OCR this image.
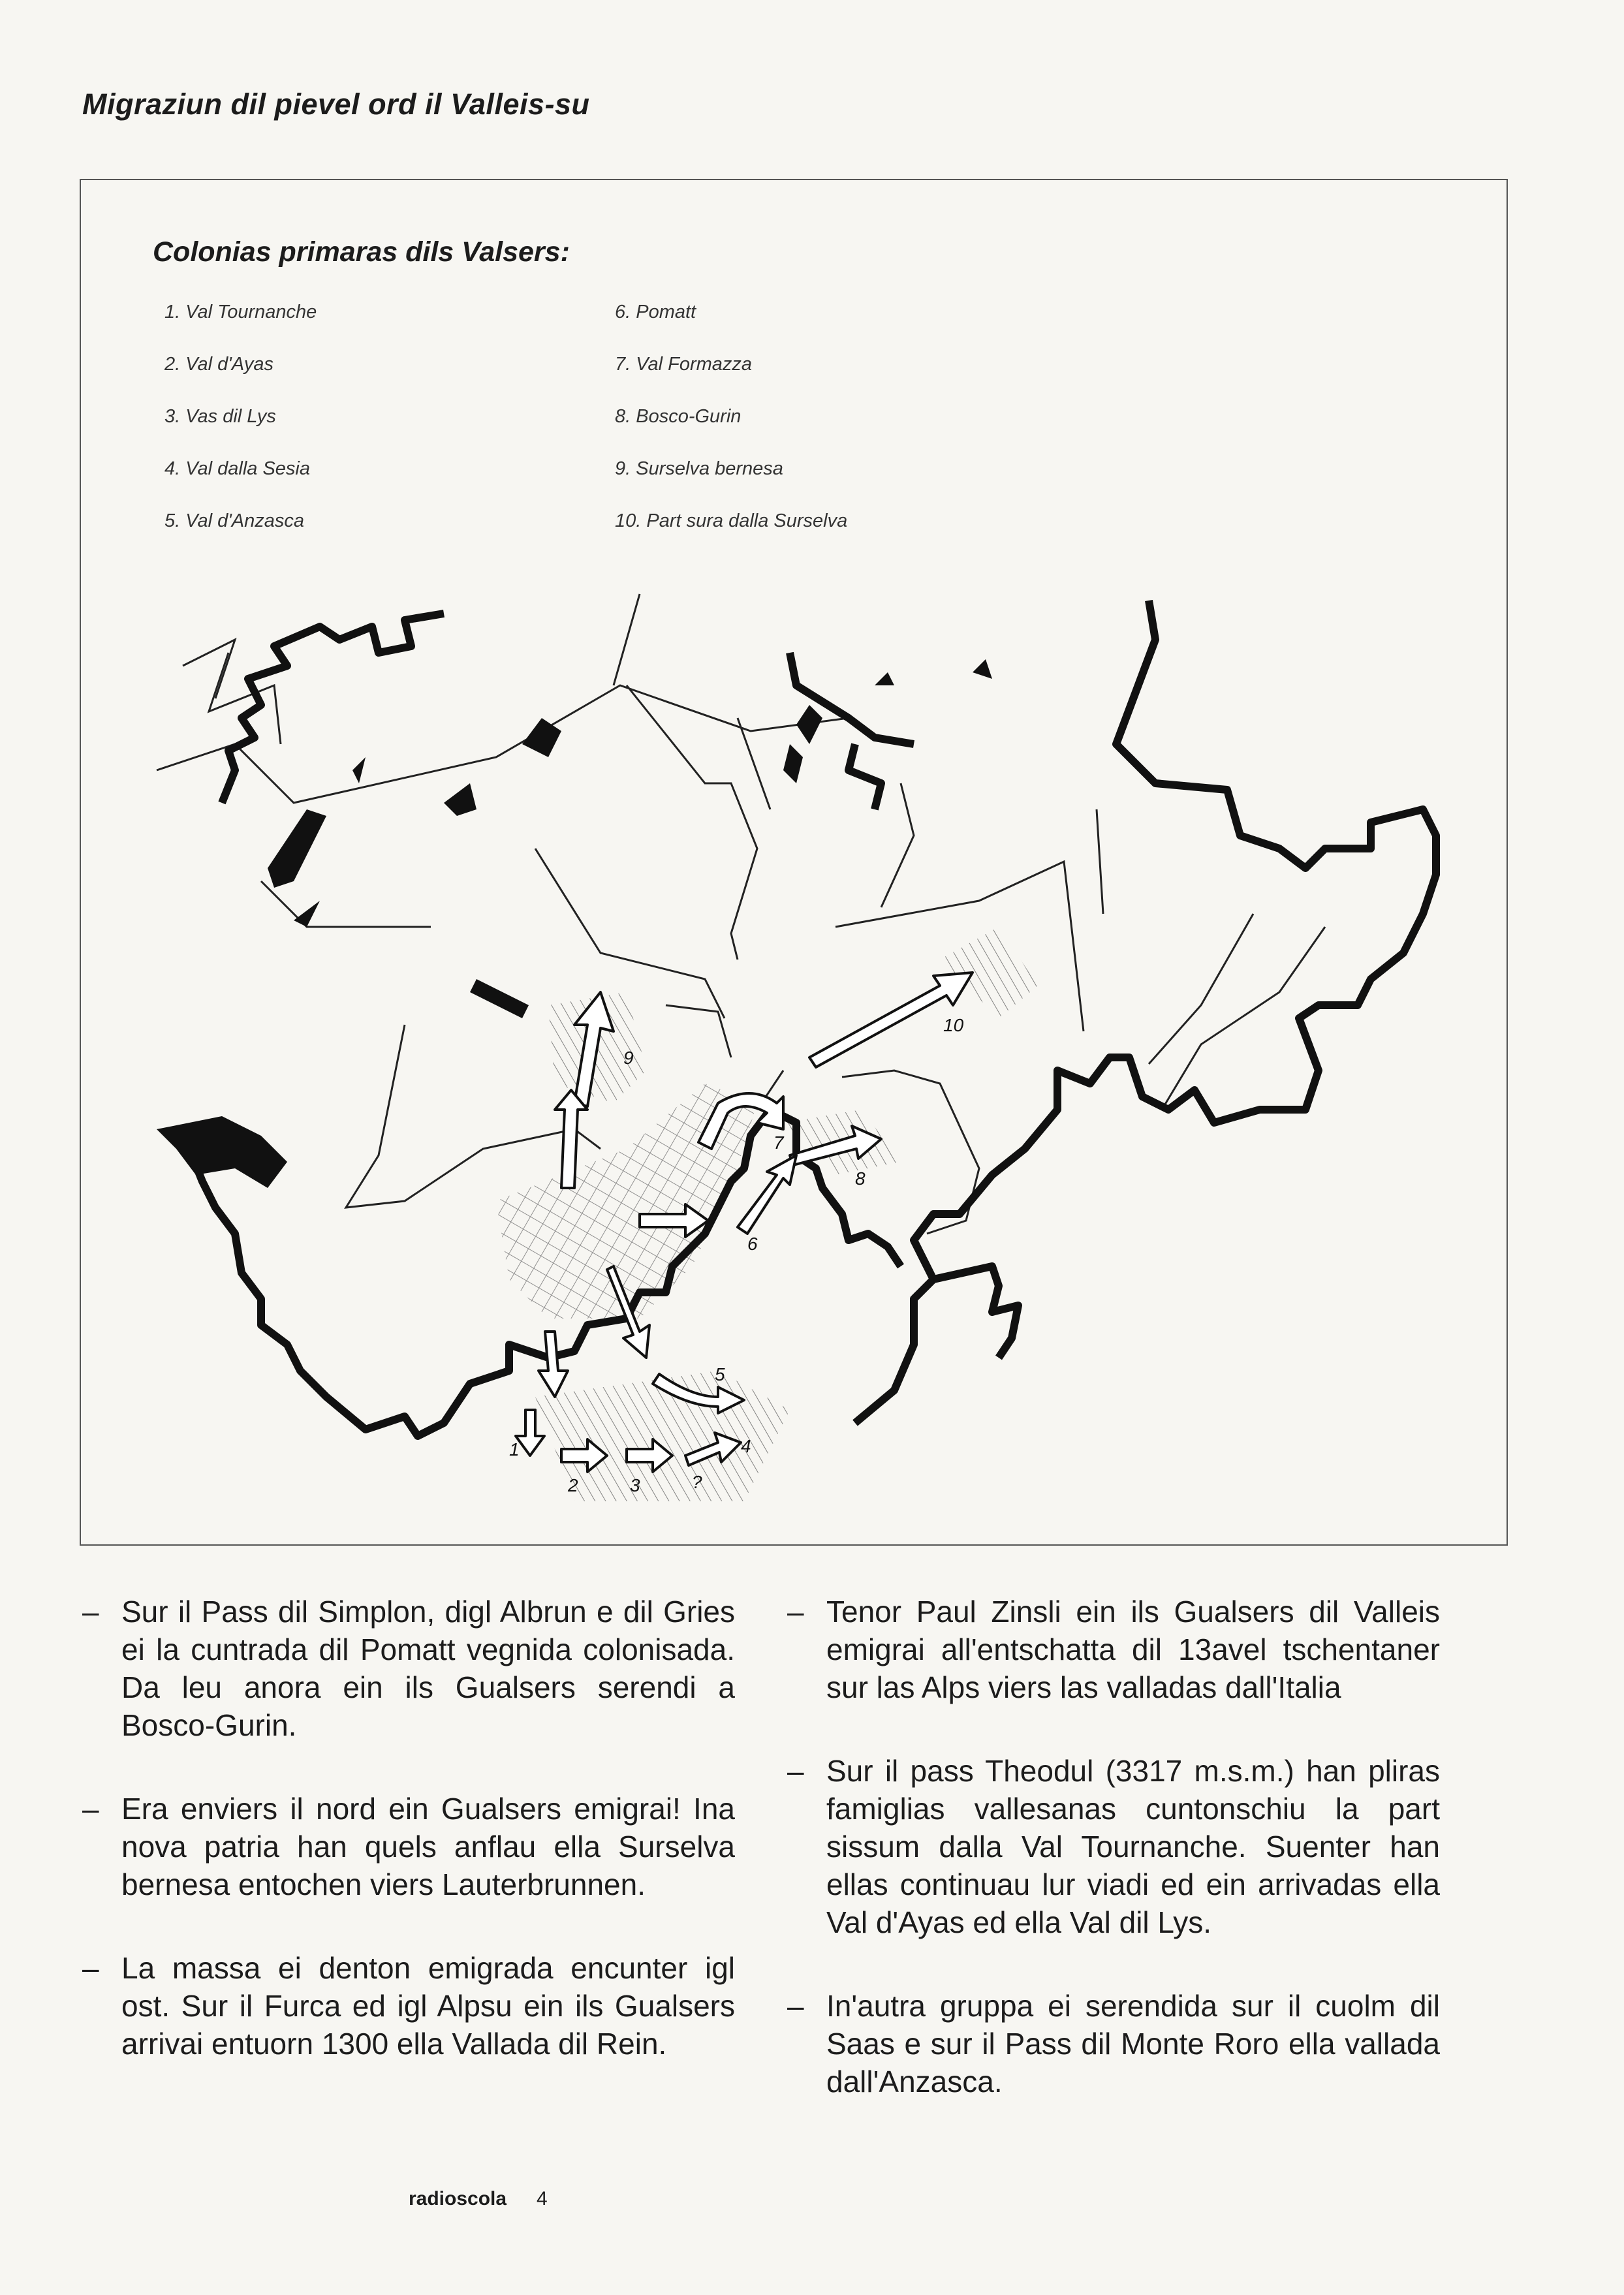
Migraziun dil pievel ord il Valleis-su
Colonias primaras dils Valsers:
1. Val Tournanche
2. Val d'Ayas
3. Vas dil Lys
4. Val dalla Sesia
5. Val d'Anzasca
6. Pomatt
7. Val Formazza
8. Bosco-Gurin
9. Surselva bernesa
10. Part sura dalla Surselva
1
2	3	?
4
5
6
7
8
9
10
– Sur il Pass dil Simplon, digl Albrun e dil Gries ei la cuntrada dil Pomatt vegnida colonisada. Da leu anora ein ils Gualsers serendi a Bosco-Gurin.
– Era enviers il nord ein Gualsers emigrai! Ina nova patria han quels anflau ella Surselva bernesa entochen viers Lauterbrunnen.
– La massa ei denton emigrada encunter igl ost. Sur il Furca ed igl Alpsu ein ils Gualsers arrivai entuorn 1300 ella Vallada dil Rein.
– Tenor Paul Zinsli ein ils Gualsers dil Valleis emigrai all'entschatta dil 13avel tschentaner sur las Alps viers las valladas dall'Italia
– Sur il pass Theodul (3317 m.s.m.) han pliras famiglias vallesanas cuntonschiu la part sissum dalla Val Tournanche. Suenter han ellas continuau lur viadi ed ein arrivadas ella Val d'Ayas ed ella Val dil Lys.
– In'autra gruppa ei serendida sur il cuolm dil Saas e sur il Pass dil Monte Roro ella vallada dall'Anzasca.
radioscola 4
